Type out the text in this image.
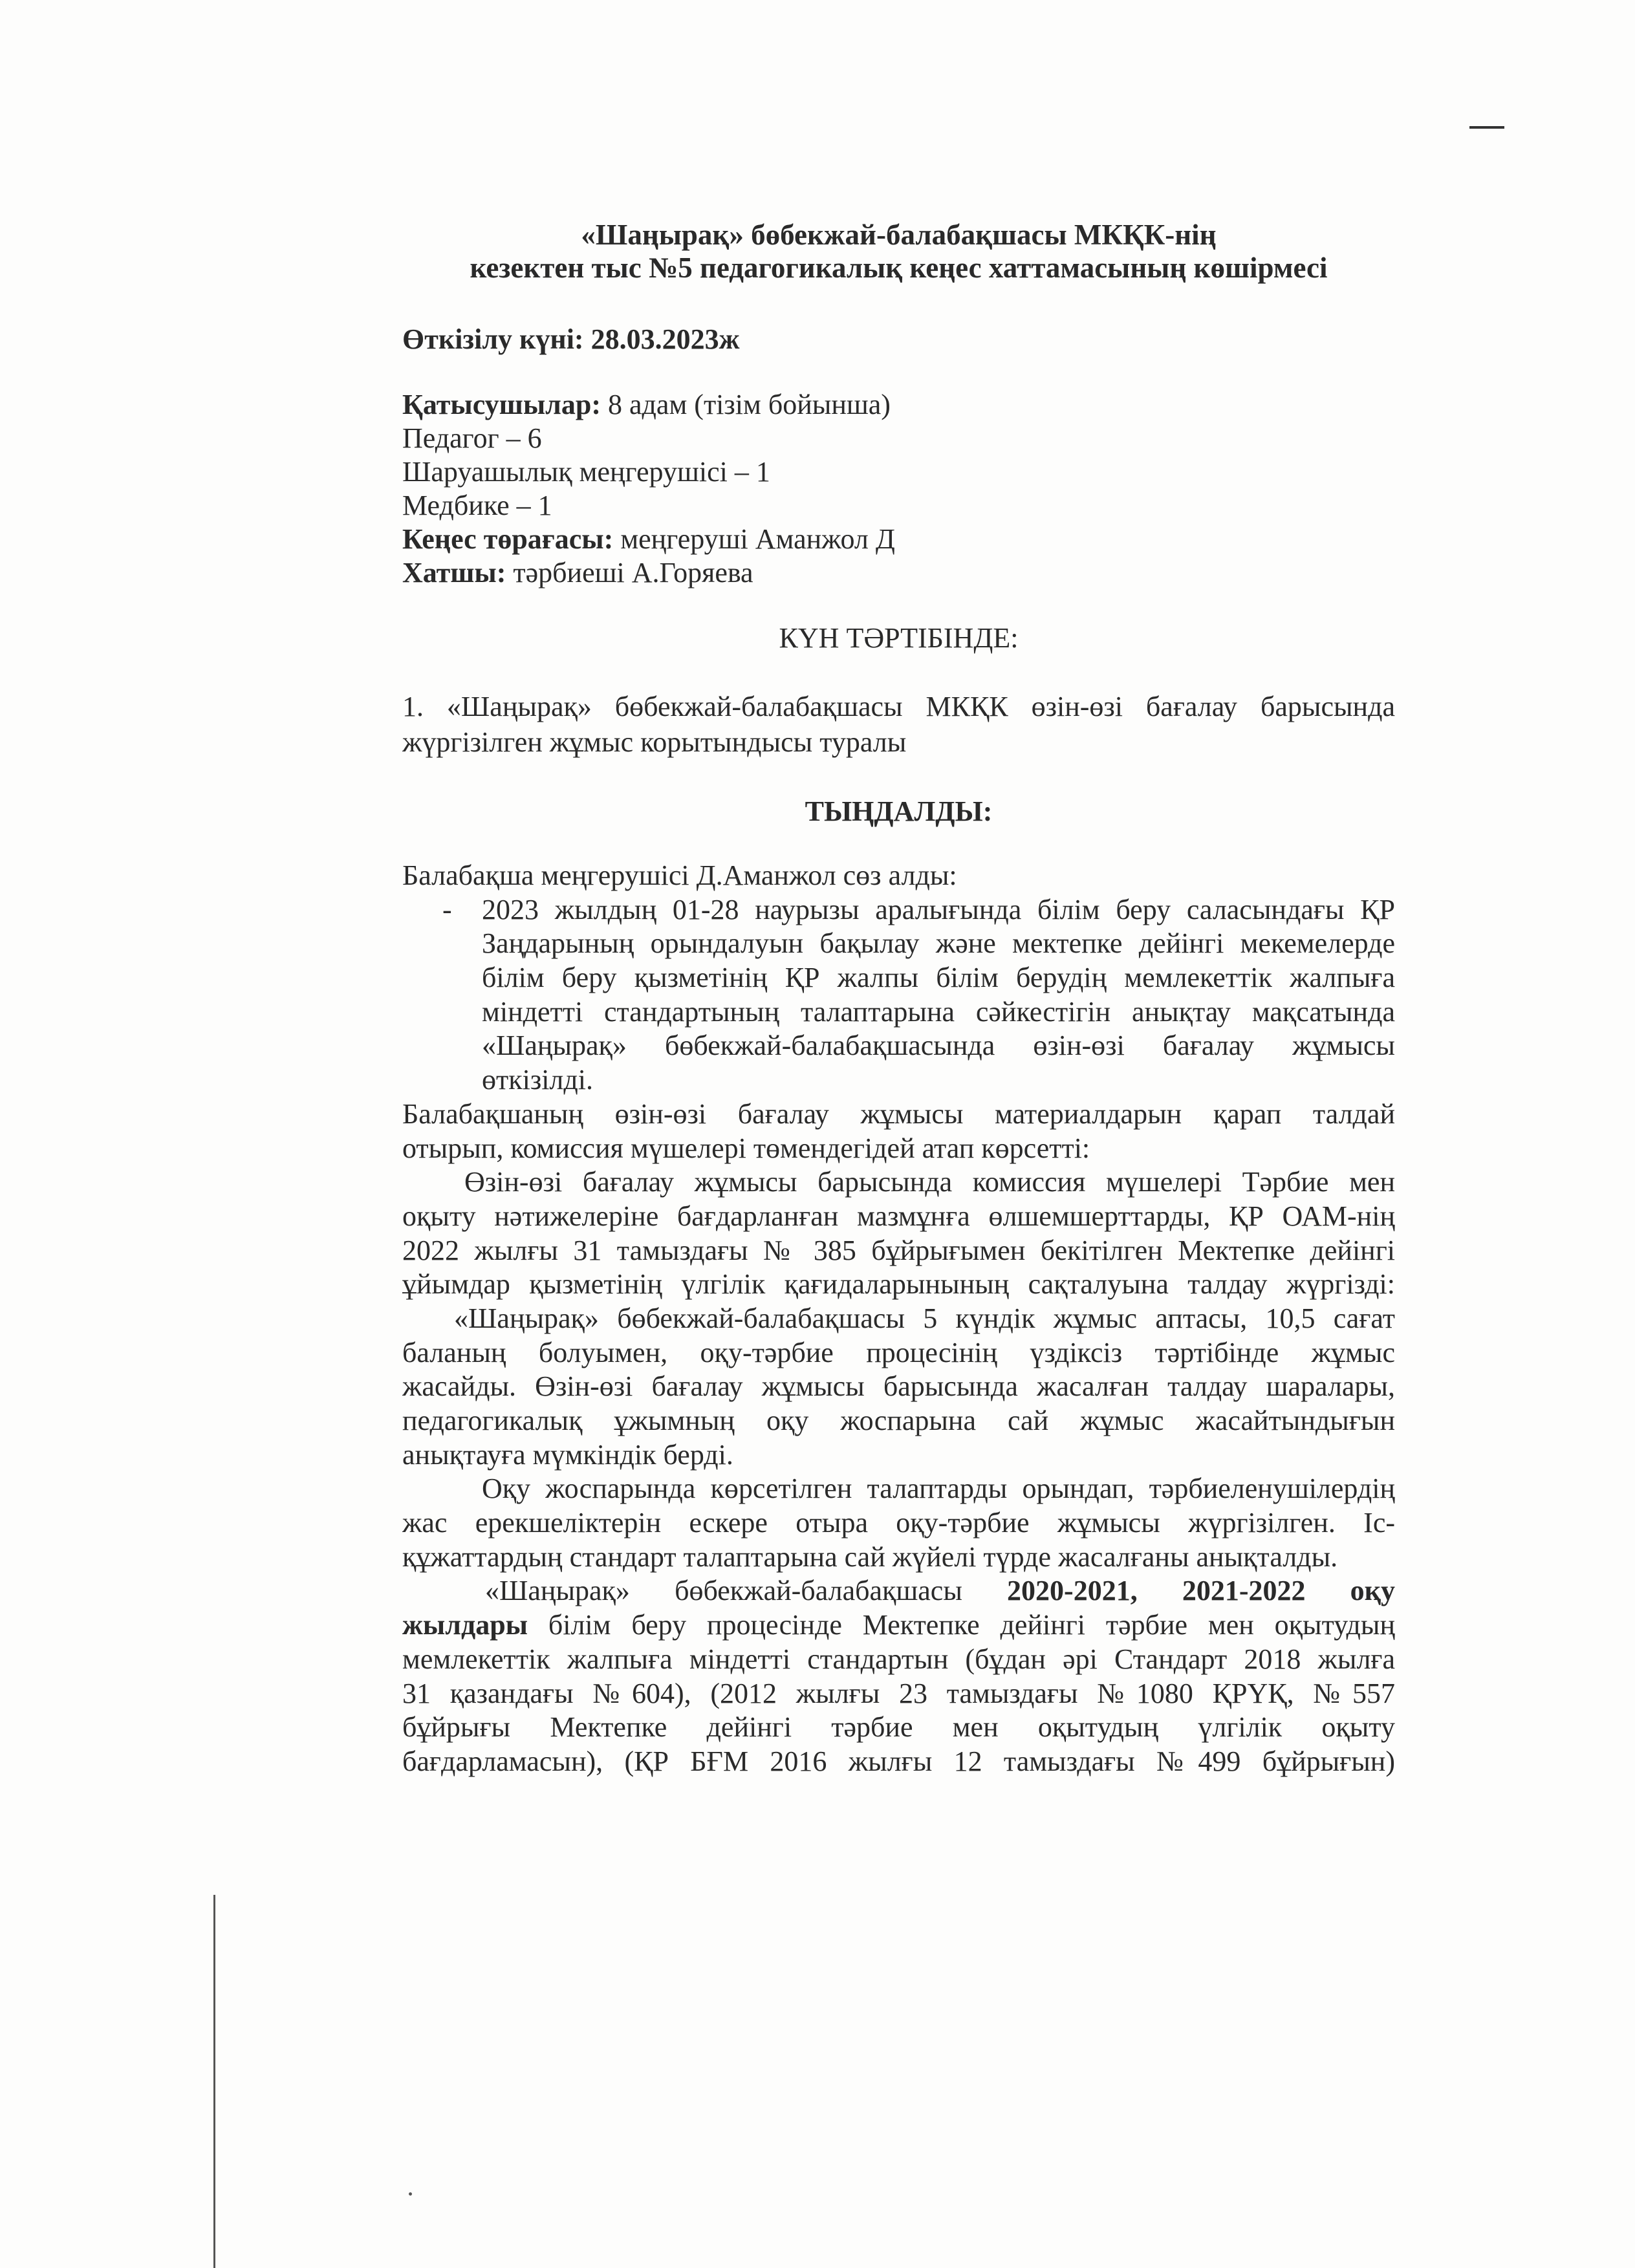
«Шаңырақ» бөбекжай-балабақшасы МКҚК-нің
кезектен тыс №5 педагогикалық кеңес хаттамасының көшірмесі
Өткізілу күні: 28.03.2023ж
Қатысушылар: 8 адам (тізім бойынша)
Педагог – 6
Шаруашылық меңгерушісі – 1
Медбике – 1
Кеңес төрағасы: меңгеруші Аманжол Д
Хатшы: тәрбиеші А.Горяева
КҮН ТӘРТІБІНДЕ:
1. «Шаңырақ» бөбекжай-балабақшасы МКҚК өзін-өзі бағалау барысында
жүргізілген жұмыс корытындысы туралы
ТЫҢДАЛДЫ:
Балабақша меңгерушісі Д.Аманжол сөз алды:
- 2023 жылдың 01-28 наурызы аралығында білім беру саласындағы ҚР
Заңдарының орындалуын бақылау және мектепке дейінгі мекемелерде
білім беру қызметінің ҚР жалпы білім берудің мемлекеттік жалпыға
міндетті стандартының талаптарына сәйкестігін анықтау мақсатында
«Шаңырақ» бөбекжай-балабақшасында өзін-өзі бағалау жұмысы
өткізілді.
Балабақшаның өзін-өзі бағалау жұмысы материалдарын қарап талдай
отырып, комиссия мүшелері төмендегідей атап көрсетті:
Өзін-өзі бағалау жұмысы барысында комиссия мүшелері Тәрбие мен
оқыту нәтижелеріне бағдарланған мазмұнға өлшемшерттарды, ҚР ОАМ-нің
2022 жылғы 31 тамыздағы № 385 бұйрығымен бекітілген Мектепке дейінгі
ұйымдар қызметінің үлгілік қағидаларынының сақталуына талдау жүргізді:
«Шаңырақ» бөбекжай-балабақшасы 5 күндік жұмыс аптасы, 10,5 сағат
баланың болуымен, оқу-тәрбие процесінің үздіксіз тәртібінде жұмыс
жасайды. Өзін-өзі бағалау жұмысы барысында жасалған талдау шаралары,
педагогикалық ұжымның оқу жоспарына сай жұмыс жасайтындығын
анықтауға мүмкіндік берді.
Оқу жоспарында көрсетілген талаптарды орындап, тәрбиеленушілердің
жас ерекшеліктерін ескере отыра оқу-тәрбие жұмысы жүргізілген. Іс-
құжаттардың стандарт талаптарына сай жүйелі түрде жасалғаны анықталды.
«Шаңырақ» бөбекжай-балабақшасы 2020-2021, 2021-2022 оқу
жылдары білім беру процесінде Мектепке дейінгі тәрбие мен оқытудың
мемлекеттік жалпыға міндетті стандартын (бұдан әрі Стандарт 2018 жылға
31 қазандағы №604), (2012 жылғы 23 тамыздағы №1080 ҚРҮҚ, №557
бұйрығы Мектепке дейінгі тәрбие мен оқытудың үлгілік оқыту
бағдарламасын), (ҚР БҒМ 2016 жылғы 12 тамыздағы №499 бұйрығын)
